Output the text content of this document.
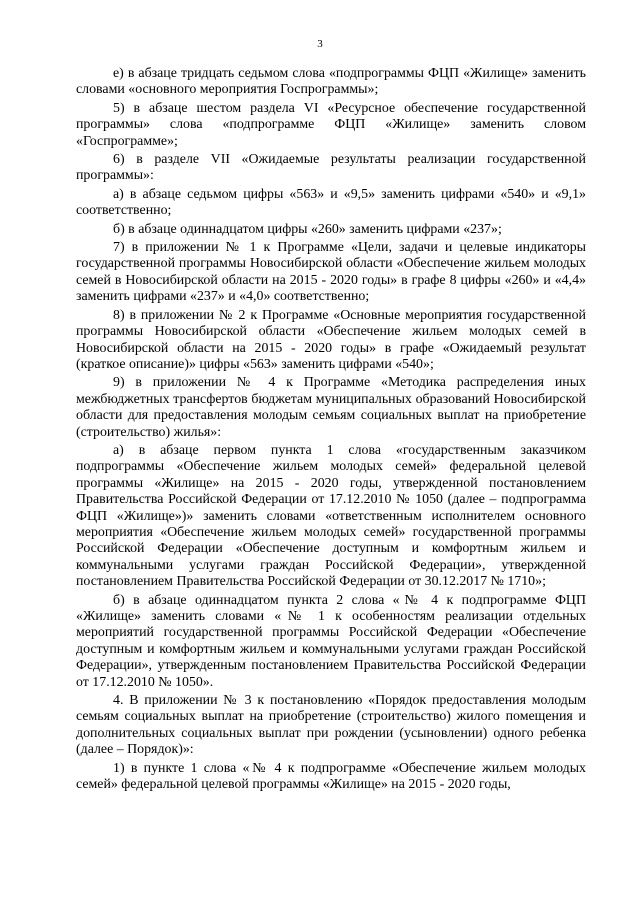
3

е) в абзаце тридцать седьмом слова «подпрограммы ФЦП «Жилище» заменить словами «основного мероприятия Госпрограммы»;

5) в абзаце шестом раздела VI «Ресурсное обеспечение государственной программы» слова «подпрограмме ФЦП «Жилище» заменить словом «Госпрограмме»;

6) в разделе VII «Ожидаемые результаты реализации государственной программы»:

а) в абзаце седьмом цифры «563» и «9,5» заменить цифрами «540» и «9,1» соответственно;

б) в абзаце одиннадцатом цифры «260» заменить цифрами «237»;

7) в приложении № 1 к Программе «Цели, задачи и целевые индикаторы государственной программы Новосибирской области «Обеспечение жильем молодых семей в Новосибирской области на 2015 - 2020 годы» в графе 8 цифры «260» и «4,4» заменить цифрами «237» и «4,0» соответственно;

8) в приложении № 2 к Программе «Основные мероприятия государственной программы Новосибирской области «Обеспечение жильем молодых семей в Новосибирской области на 2015 - 2020 годы» в графе «Ожидаемый результат (краткое описание)» цифры «563» заменить цифрами «540»;

9) в приложении № 4 к Программе «Методика распределения иных межбюджетных трансфертов бюджетам муниципальных образований Новосибирской области для предоставления молодым семьям социальных выплат на приобретение (строительство) жилья»:

а) в абзаце первом пункта 1 слова «государственным заказчиком подпрограммы «Обеспечение жильем молодых семей» федеральной целевой программы «Жилище» на 2015 - 2020 годы, утвержденной постановлением Правительства Российской Федерации от 17.12.2010 № 1050 (далее – подпрограмма ФЦП «Жилище»)» заменить словами «ответственным исполнителем основного мероприятия «Обеспечение жильем молодых семей» государственной программы Российской Федерации «Обеспечение доступным и комфортным жильем и коммунальными услугами граждан Российской Федерации», утвержденной постановлением Правительства Российской Федерации от 30.12.2017 № 1710»;

б) в абзаце одиннадцатом пункта 2 слова «№ 4 к подпрограмме ФЦП «Жилище» заменить словами «№ 1 к особенностям реализации отдельных мероприятий государственной программы Российской Федерации «Обеспечение доступным и комфортным жильем и коммунальными услугами граждан Российской Федерации», утвержденным постановлением Правительства Российской Федерации от 17.12.2010 № 1050».

4. В приложении № 3 к постановлению «Порядок предоставления молодым семьям социальных выплат на приобретение (строительство) жилого помещения и дополнительных социальных выплат при рождении (усыновлении) одного ребенка (далее – Порядок)»:

1) в пункте 1 слова «№ 4 к подпрограмме «Обеспечение жильем молодых семей» федеральной целевой программы «Жилище» на 2015 - 2020 годы,
